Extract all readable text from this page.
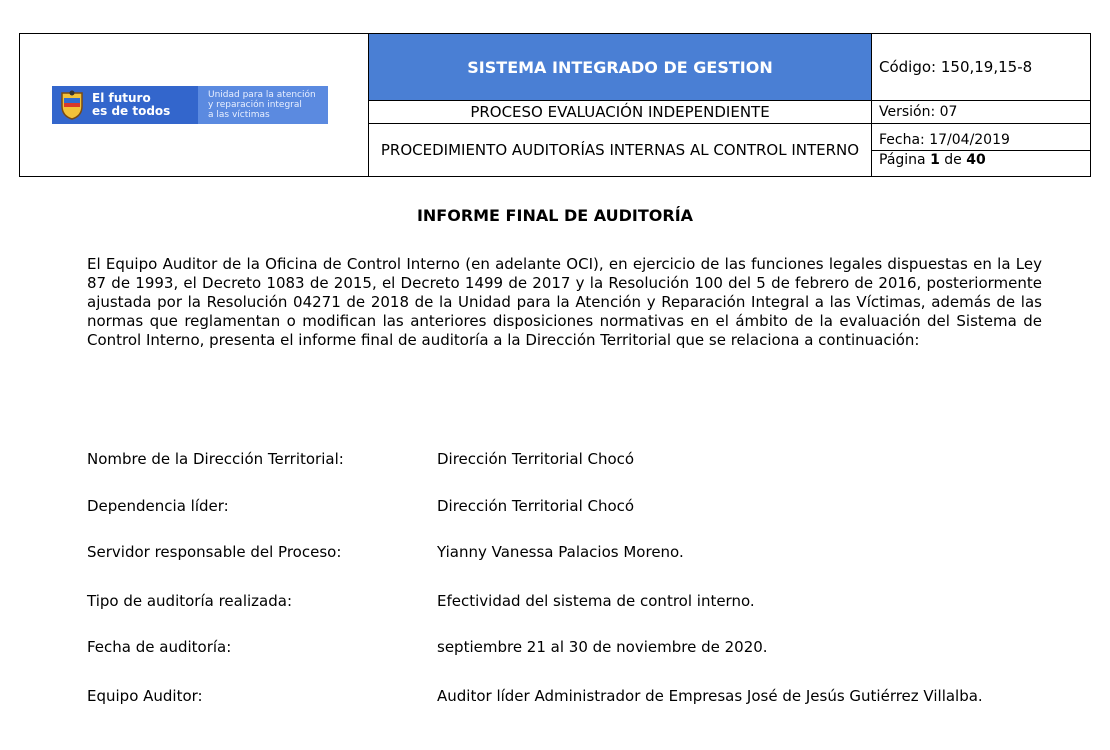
El futuro
es de todos
Unidad para la atención
y reparación integral
a las víctimas	SISTEMA INTEGRADO DE GESTION	Código: 150,19,15-8
	PROCESO EVALUACIÓN INDEPENDIENTE	Versión: 07
	PROCEDIMIENTO AUDITORÍAS INTERNAS AL CONTROL INTERNO	Fecha: 17/04/2019
Página 1 de 40
INFORME FINAL DE AUDITORÍA

El Equipo Auditor de la Oficina de Control Interno (en adelante OCI), en ejercicio de las funciones legales dispuestas en la Ley 87 de 1993, el Decreto 1083 de 2015, el Decreto 1499 de 2017 y la Resolución 100 del 5 de febrero de 2016, posteriormente ajustada por la Resolución 04271 de 2018 de la Unidad para la Atención y Reparación Integral a las Víctimas, además de las normas que reglamentan o modifican las anteriores disposiciones normativas en el ámbito de la evaluación del Sistema de Control Interno, presenta el informe final de auditoría a la Dirección Territorial que se relaciona a continuación:

Nombre de la Dirección Territorial:	Dirección Territorial Chocó
Dependencia líder:	Dirección Territorial Chocó
Servidor responsable del Proceso:	Yianny Vanessa Palacios Moreno.
Tipo de auditoría realizada:	Efectividad del sistema de control interno.
Fecha de auditoría:	septiembre 21 al 30 de noviembre de 2020.
Equipo Auditor:	Auditor líder Administrador de Empresas José de Jesús Gutiérrez Villalba.
